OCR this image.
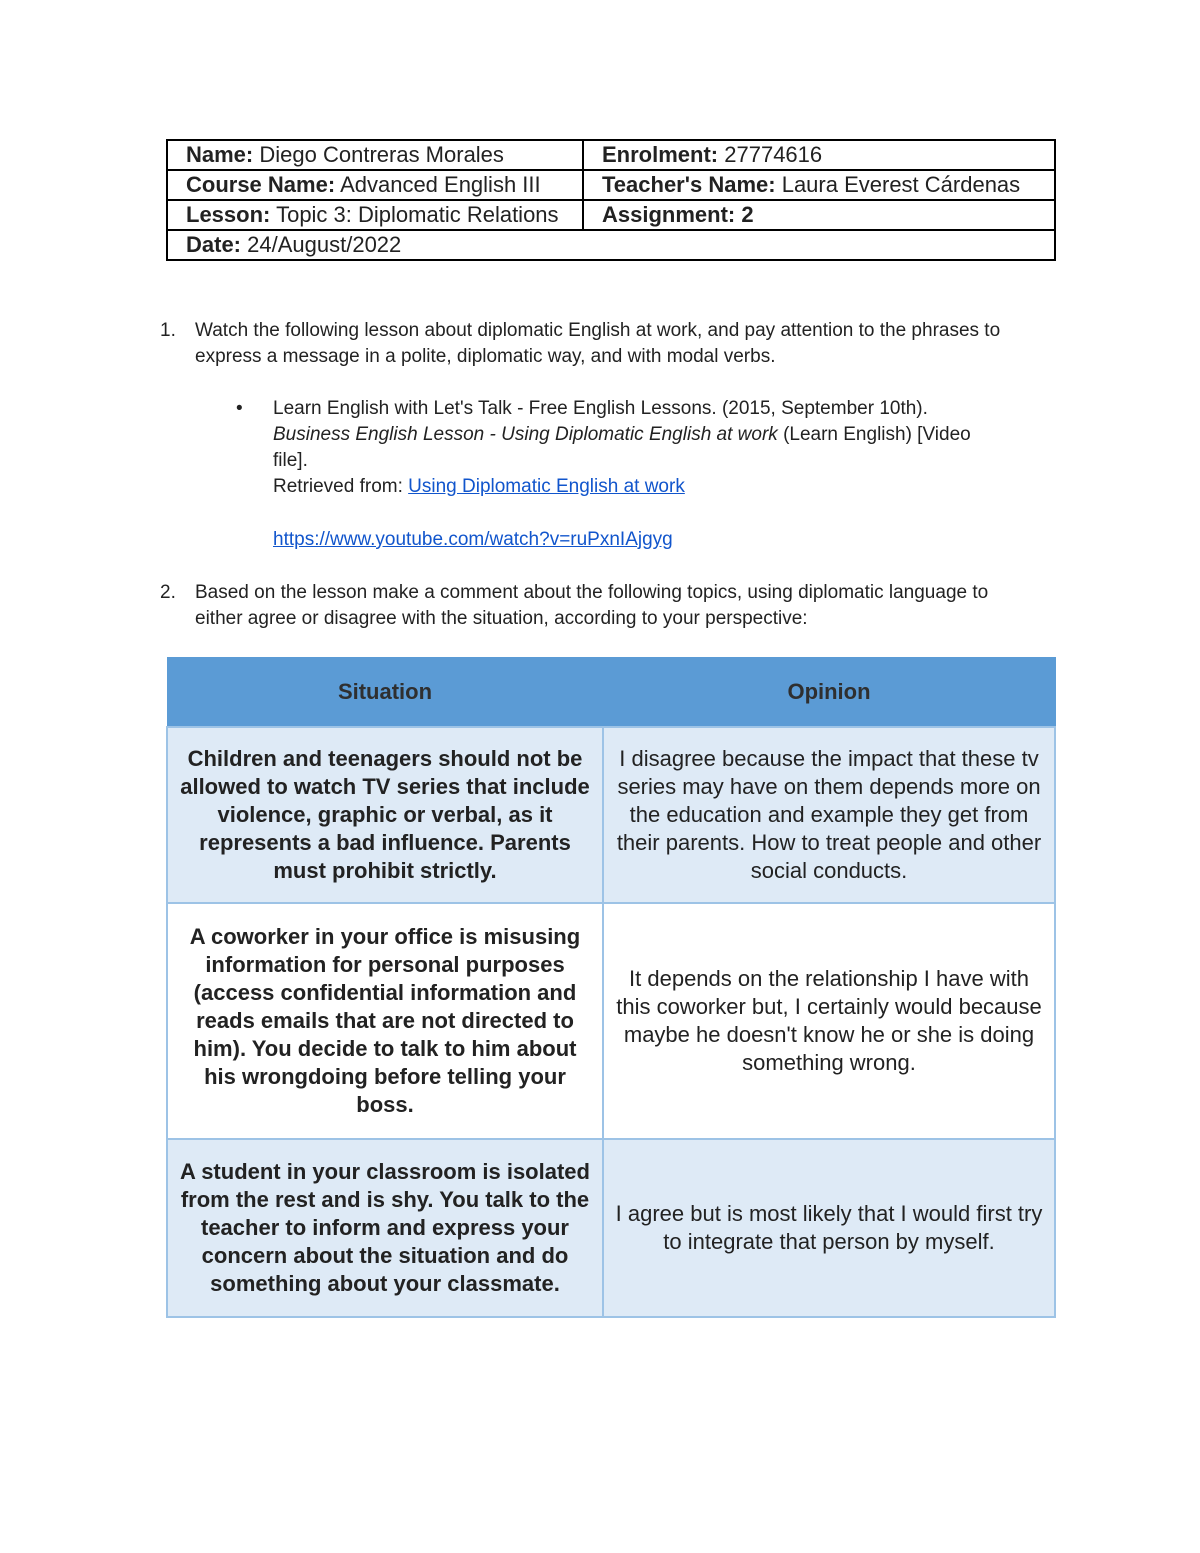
Name: Diego Contreras Morales	Enrolment: 27774616
Course Name: Advanced English III	Teacher's Name: Laura Everest Cárdenas
Lesson: Topic 3: Diplomatic Relations	Assignment: 2
Date: 24/August/2022	
1. Watch the following lesson about diplomatic English at work, and pay attention to the phrases to express a message in a polite, diplomatic way, and with modal verbs.
• Learn English with Let's Talk - Free English Lessons. (2015, September 10th). Business English Lesson - Using Diplomatic English at work (Learn English) [Video file].
Retrieved from: Using Diplomatic English at work
https://www.youtube.com/watch?v=ruPxnIAjgyg
2. Based on the lesson make a comment about the following topics, using diplomatic language to either agree or disagree with the situation, according to your perspective:
Situation	Opinion
Children and teenagers should not be allowed to watch TV series that include violence, graphic or verbal, as it represents a bad influence. Parents must prohibit strictly.	I disagree because the impact that these tv series may have on them depends more on the education and example they get from their parents. How to treat people and other social conducts.
A coworker in your office is misusing information for personal purposes (access confidential information and reads emails that are not directed to him). You decide to talk to him about his wrongdoing before telling your boss.	It depends on the relationship I have with this coworker but, I certainly would because maybe he doesn't know he or she is doing something wrong.
A student in your classroom is isolated from the rest and is shy. You talk to the teacher to inform and express your concern about the situation and do something about your classmate.	I agree but is most likely that I would first try to integrate that person by myself.
